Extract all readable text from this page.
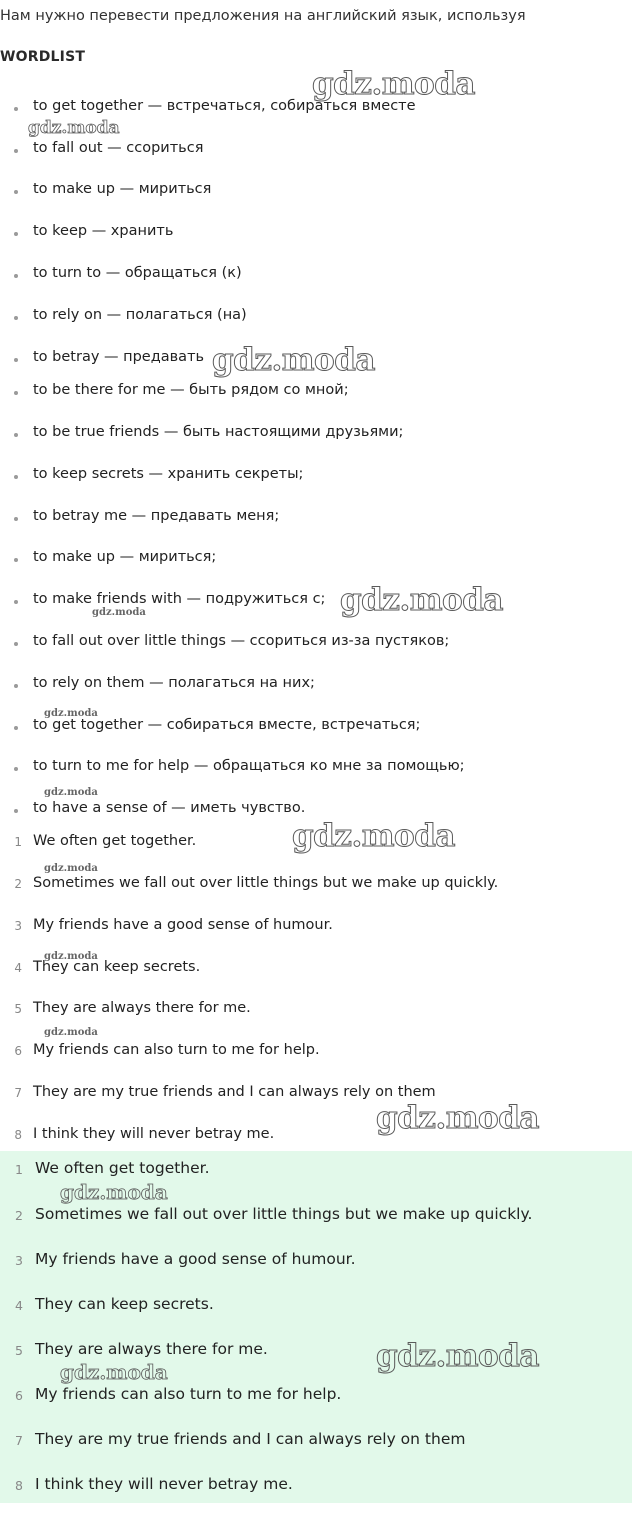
Нам нужно перевести предложения на английский язык, используя
WORDLIST
to get together — встречаться, собираться вместе
to fall out — ссориться
to make up — мириться
to keep — хранить
to turn to — обращаться (к)
to rely on — полагаться (на)
to betray — предавать
to be there for me — быть рядом со мной;
to be true friends — быть настоящими друзьями;
to keep secrets — хранить секреты;
to betray me — предавать меня;
to make up — мириться;
to make friends with — подружиться с;
to fall out over little things — ссориться из-за пустяков;
to rely on them — полагаться на них;
to get together — собираться вместе, встречаться;
to turn to me for help — обращаться ко мне за помощью;
to have a sense of — иметь чувство.
1 We often get together.
2 Sometimes we fall out over little things but we make up quickly.
3 My friends have a good sense of humour.
4 They can keep secrets.
5 They are always there for me.
6 My friends can also turn to me for help.
7 They are my true friends and I can always rely on them
8 I think they will never betray me.
1 We often get together.
2 Sometimes we fall out over little things but we make up quickly.
3 My friends have a good sense of humour.
4 They can keep secrets.
5 They are always there for me.
6 My friends can also turn to me for help.
7 They are my true friends and I can always rely on them
8 I think they will never betray me.
gdz.moda
gdz.moda
gdz.moda
gdz.moda
gdz.moda
gdz.moda
gdz.moda
gdz.moda
gdz.moda
gdz.moda
gdz.moda
gdz.moda
